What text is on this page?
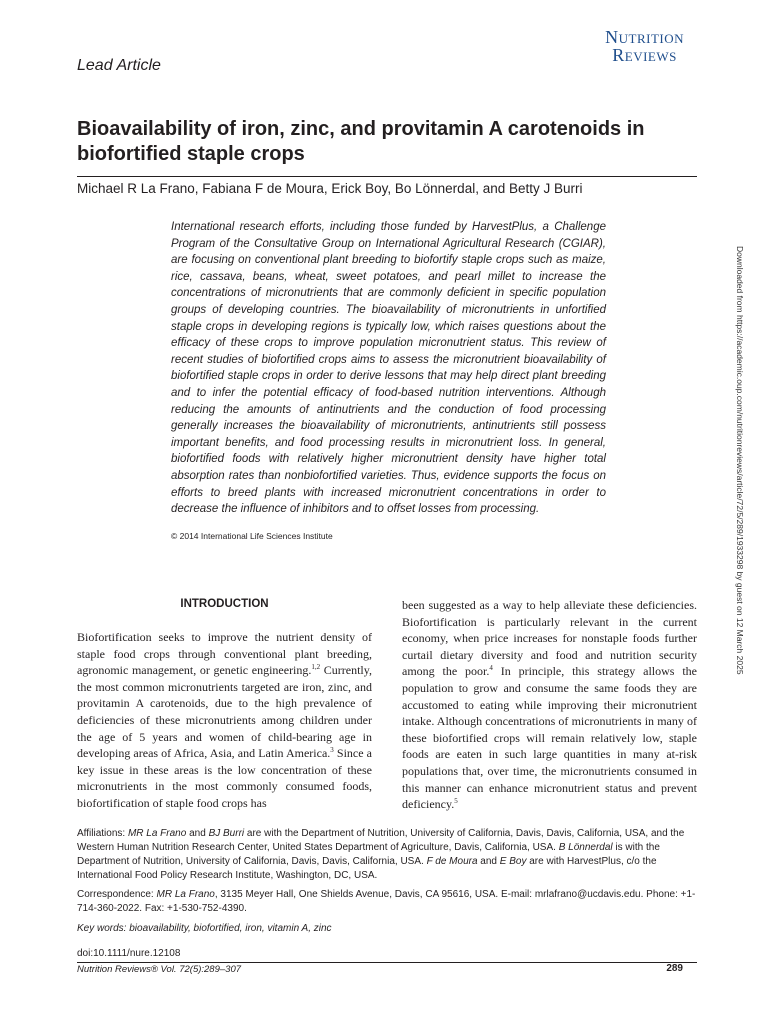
Nutrition
Reviews
Lead Article
Bioavailability of iron, zinc, and provitamin A carotenoids in biofortified staple crops
Michael R La Frano, Fabiana F de Moura, Erick Boy, Bo Lönnerdal, and Betty J Burri

International research efforts, including those funded by HarvestPlus, a Challenge Program of the Consultative Group on International Agricultural Research (CGIAR), are focusing on conventional plant breeding to biofortify staple crops such as maize, rice, cassava, beans, wheat, sweet potatoes, and pearl millet to increase the concentrations of micronutrients that are commonly deficient in specific population groups of developing countries. The bioavailability of micronutrients in unfortified staple crops in developing regions is typically low, which raises questions about the efficacy of these crops to improve population micronutrient status. This review of recent studies of biofortified crops aims to assess the micronutrient bioavailability of biofortified staple crops in order to derive lessons that may help direct plant breeding and to infer the potential efficacy of food-based nutrition interventions. Although reducing the amounts of antinutrients and the conduction of food processing generally increases the bioavailability of micronutrients, antinutrients still possess important benefits, and food processing results in micronutrient loss. In general, biofortified foods with relatively higher micronutrient density have higher total absorption rates than nonbiofortified varieties. Thus, evidence supports the focus on efforts to breed plants with increased micronutrient concentrations in order to decrease the influence of inhibitors and to offset losses from processing.

© 2014 International Life Sciences Institute
INTRODUCTION

Biofortification seeks to improve the nutrient density of staple food crops through conventional plant breeding, agronomic management, or genetic engineering.$^{1,2}$ Currently, the most common micronutrients targeted are iron, zinc, and provitamin A carotenoids, due to the high prevalence of deficiencies of these micronutrients among children under the age of 5 years and women of child-bearing age in developing areas of Africa, Asia, and Latin America.$^3$ Since a key issue in these areas is the low concentration of these micronutrients in the most commonly consumed foods, biofortification of staple food crops has

been suggested as a way to help alleviate these deficiencies. Biofortification is particularly relevant in the current economy, when price increases for nonstaple foods further curtail dietary diversity and food and nutrition security among the poor.$^4$ In principle, this strategy allows the population to grow and consume the same foods they are accustomed to eating while improving their micronutrient intake. Although concentrations of micronutrients in many of these biofortified crops will remain relatively low, staple foods are eaten in such large quantities in many at-risk populations that, over time, the micronutrients consumed in this manner can enhance micronutrient status and prevent deficiency.$^5$

Affiliations: MR La Frano and BJ Burri are with the Department of Nutrition, University of California, Davis, Davis, California, USA, and the Western Human Nutrition Research Center, United States Department of Agriculture, Davis, California, USA. B Lönnerdal is with the Department of Nutrition, University of California, Davis, Davis, California, USA. F de Moura and E Boy are with HarvestPlus, c/o the International Food Policy Research Institute, Washington, DC, USA.

Correspondence: MR La Frano, 3135 Meyer Hall, One Shields Avenue, Davis, CA 95616, USA. E-mail: mrlafrano@ucdavis.edu. Phone: +1-714-360-2022. Fax: +1-530-752-4390.

Key words: bioavailability, biofortified, iron, vitamin A, zinc

doi:10.1111/nure.12108

Nutrition Reviews® Vol. 72(5):289–307	289
Downloaded from https://academic.oup.com/nutritionreviews/article/72/5/289/1933298 by guest on 12 March 2025
